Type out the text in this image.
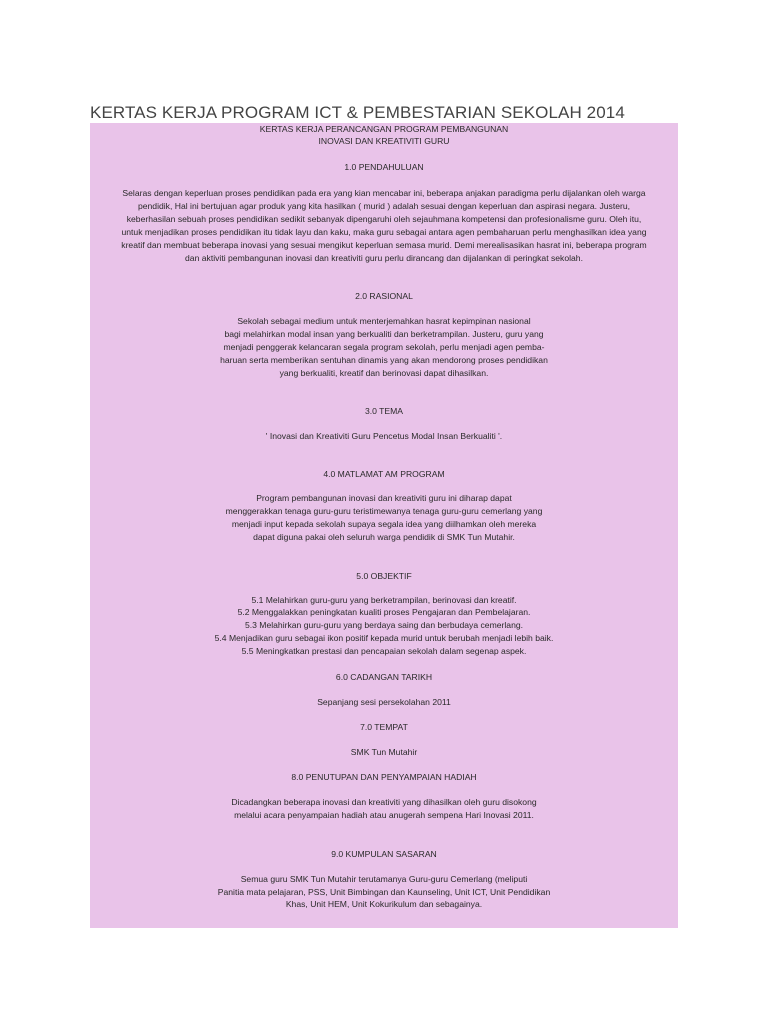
KERTAS KERJA PROGRAM ICT & PEMBESTARIAN SEKOLAH 2014
KERTAS KERJA PERANCANGAN PROGRAM PEMBANGUNAN
INOVASI DAN KREATIVITI GURU
1.0 PENDAHULUAN
Selaras dengan keperluan proses pendidikan pada era yang kian mencabar ini, beberapa anjakan paradigma perlu dijalankan oleh warga
pendidik, Hal ini bertujuan agar produk yang kita hasilkan ( murid ) adalah sesuai dengan keperluan dan aspirasi negara. Justeru,
keberhasilan sebuah proses pendidikan sedikit sebanyak dipengaruhi oleh sejauhmana kompetensi dan profesionalisme guru. Oleh itu,
untuk menjadikan proses pendidikan itu tidak layu dan kaku, maka guru sebagai antara agen pembaharuan perlu menghasilkan idea yang
kreatif dan membuat beberapa inovasi yang sesuai mengikut keperluan semasa murid. Demi merealisasikan hasrat ini, beberapa program
dan aktiviti pembangunan inovasi dan kreativiti guru perlu dirancang dan dijalankan di peringkat sekolah.
2.0 RASIONAL
Sekolah sebagai medium untuk menterjemahkan hasrat kepimpinan nasional
bagi melahirkan modal insan yang berkualiti dan berketrampilan. Justeru, guru yang
menjadi penggerak kelancaran segala program sekolah, perlu menjadi agen pemba-
haruan serta memberikan sentuhan dinamis yang akan mendorong proses pendidikan
yang berkualiti, kreatif dan berinovasi dapat dihasilkan.
3.0 TEMA
' Inovasi dan Kreativiti Guru Pencetus Modal Insan Berkualiti '.
4.0 MATLAMAT AM PROGRAM
Program pembangunan inovasi dan kreativiti guru ini diharap dapat
menggerakkan tenaga guru-guru teristimewanya tenaga guru-guru cemerlang yang
menjadi input kepada sekolah supaya segala idea yang diilhamkan oleh mereka
dapat diguna pakai oleh seluruh warga pendidik di SMK Tun Mutahir.
5.0 OBJEKTIF
5.1 Melahirkan guru-guru yang berketrampilan, berinovasi dan kreatif.
5.2 Menggalakkan peningkatan kualiti proses Pengajaran dan Pembelajaran.
5.3 Melahirkan guru-guru yang berdaya saing dan berbudaya cemerlang.
5.4 Menjadikan guru sebagai ikon positif kepada murid untuk berubah menjadi lebih baik.
5.5 Meningkatkan prestasi dan pencapaian sekolah dalam segenap aspek.
6.0 CADANGAN TARIKH
Sepanjang sesi persekolahan 2011
7.0 TEMPAT
SMK Tun Mutahir
8.0 PENUTUPAN DAN PENYAMPAIAN HADIAH
Dicadangkan beberapa inovasi dan kreativiti yang dihasilkan oleh guru disokong
melalui acara penyampaian hadiah atau anugerah sempena Hari Inovasi 2011.
9.0 KUMPULAN SASARAN
Semua guru SMK Tun Mutahir terutamanya Guru-guru Cemerlang (meliputi
Panitia mata pelajaran, PSS, Unit Bimbingan dan Kaunseling, Unit ICT, Unit Pendidikan
Khas, Unit HEM, Unit Kokurikulum dan sebagainya.
